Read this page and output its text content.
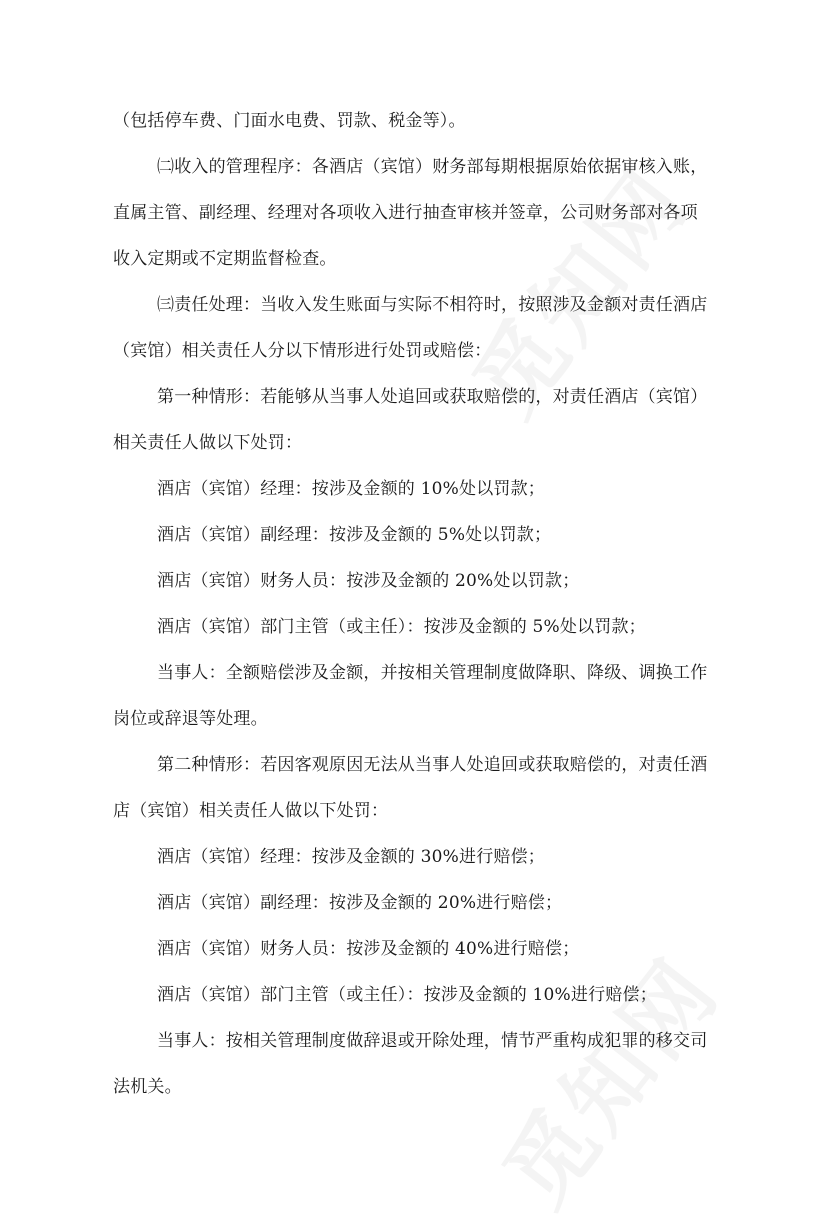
（包括停车费、门面水电费、罚款、税金等）。
㈡收入的管理程序：各酒店（宾馆）财务部每期根据原始依据审核入账，
直属主管、副经理、经理对各项收入进行抽查审核并签章，公司财务部对各项
收入定期或不定期监督检查。
㈢责任处理：当收入发生账面与实际不相符时，按照涉及金额对责任酒店
（宾馆）相关责任人分以下情形进行处罚或赔偿：
第一种情形：若能够从当事人处追回或获取赔偿的，对责任酒店（宾馆）
相关责任人做以下处罚：
酒店（宾馆）经理：按涉及金额的 10%处以罚款；
酒店（宾馆）副经理：按涉及金额的 5%处以罚款；
酒店（宾馆）财务人员：按涉及金额的 20%处以罚款；
酒店（宾馆）部门主管（或主任）：按涉及金额的 5%处以罚款；
当事人：全额赔偿涉及金额，并按相关管理制度做降职、降级、调换工作
岗位或辞退等处理。
第二种情形：若因客观原因无法从当事人处追回或获取赔偿的，对责任酒
店（宾馆）相关责任人做以下处罚：
酒店（宾馆）经理：按涉及金额的 30%进行赔偿；
酒店（宾馆）副经理：按涉及金额的 20%进行赔偿；
酒店（宾馆）财务人员：按涉及金额的 40%进行赔偿；
酒店（宾馆）部门主管（或主任）：按涉及金额的 10%进行赔偿；
当事人：按相关管理制度做辞退或开除处理，情节严重构成犯罪的移交司
法机关。
